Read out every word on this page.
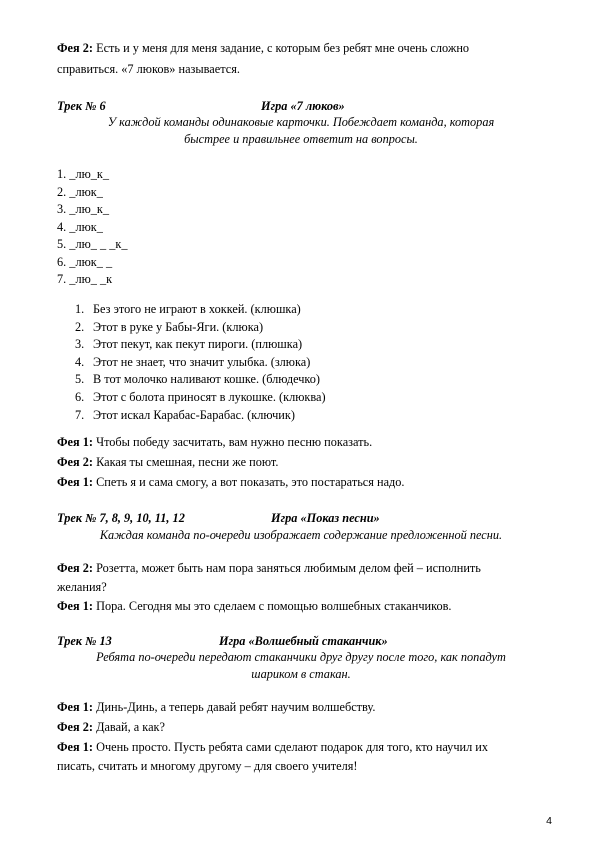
Фея 2: Есть и у меня для меня задание, с которым без ребят мне очень сложно
справиться. «7 люков» называется.
Трек № 6	Игра «7 люков»
У каждой команды одинаковые карточки. Побеждает команда, которая
быстрее и правильнее ответит на вопросы.
1. _лю_к_
2. _люк_
3. _лю_к_
4. _люк_
5. _лю_ _ _к_
6. _люк_ _
7. _лю_ _к
1. Без этого не играют в хоккей. (клюшка)
2. Этот в руке у Бабы-Яги. (клюка)
3. Этот пекут, как пекут пироги. (плюшка)
4. Этот не знает, что значит улыбка. (злюка)
5. В тот молочко наливают кошке. (блюдечко)
6. Этот с болота приносят в лукошке. (клюква)
7. Этот искал Карабас-Барабас. (ключик)
Фея 1: Чтобы победу засчитать, вам нужно песню показать.
Фея 2: Какая ты смешная, песни же поют.
Фея 1: Спеть я и сама смогу, а вот показать, это постараться надо.
Трек № 7, 8, 9, 10, 11, 12	Игра «Показ песни»
Каждая команда по-очереди изображает содержание предложенной песни.
Фея 2: Розетта, может быть нам пора заняться любимым делом фей – исполнить
желания?
Фея 1: Пора. Сегодня мы это сделаем с помощью волшебных стаканчиков.
Трек № 13	Игра «Волшебный стаканчик»
Ребята по-очереди передают стаканчики друг другу после того, как попадут
шариком в стакан.
Фея 1: Динь-Динь, а теперь давай ребят научим волшебству.
Фея 2: Давай, а как?
Фея 1: Очень просто. Пусть ребята сами сделают подарок для того, кто научил их
писать, считать и многому другому – для своего учителя!
4
